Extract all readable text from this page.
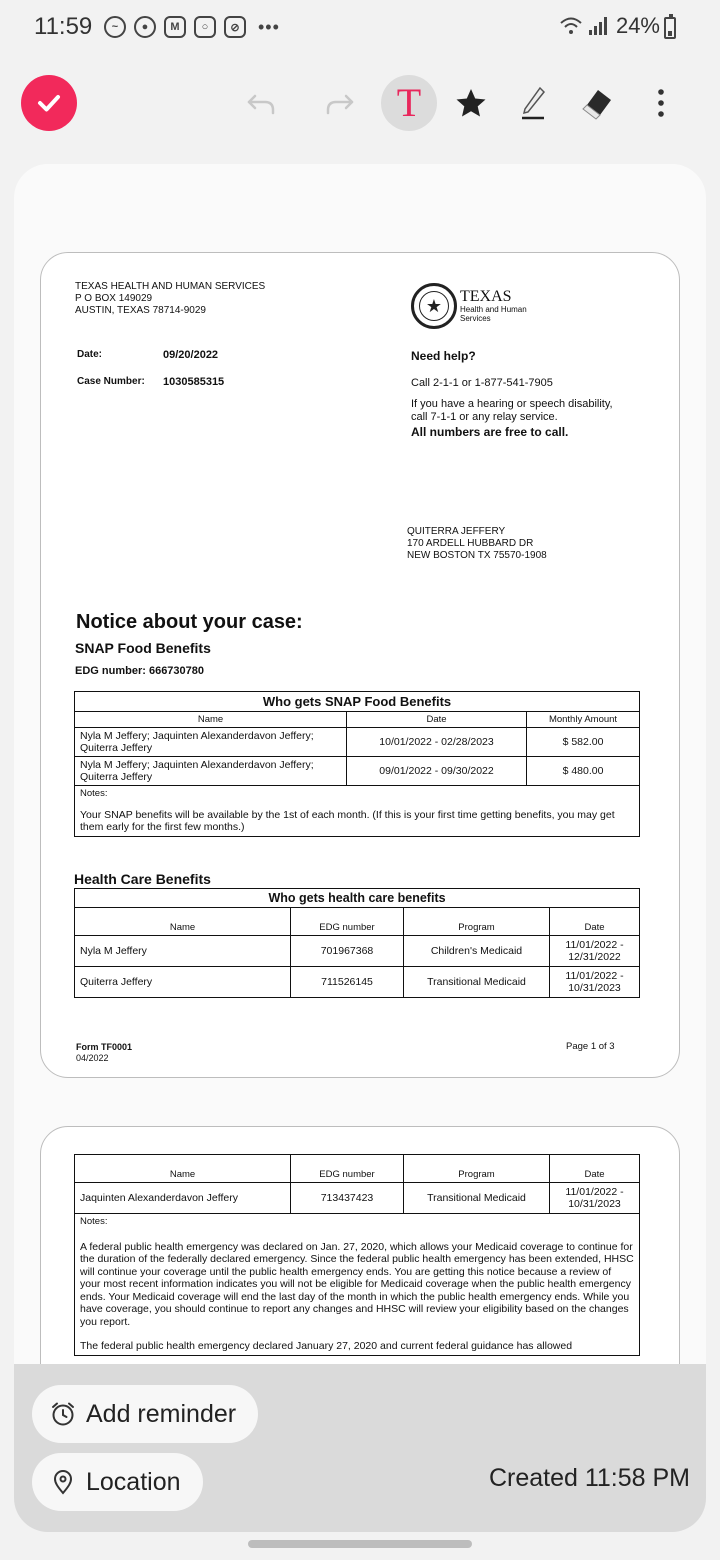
11:59	~	●	M	○	⊘	•••	24%
T
TEXAS HEALTH AND HUMAN SERVICES
P O BOX 149029
AUSTIN, TEXAS 78714-9029	★	TEXAS
Health and Human
Services
Date:	09/20/2022
Case Number: 1030585315
Need help?
Call 2-1-1 or 1-877-541-7905
If you have a hearing or speech disability,
call 7-1-1 or any relay service.
All numbers are free to call.
QUITERRA JEFFERY
170 ARDELL HUBBARD DR
NEW BOSTON TX 75570-1908
Notice about your case:
SNAP Food Benefits
EDG number: 666730780
Who gets SNAP Food Benefits		
Name	Date	Monthly Amount
Nyla M Jeffery; Jaquinten Alexanderdavon Jeffery; Quiterra Jeffery	10/01/2022 - 02/28/2023	$ 582.00
Nyla M Jeffery; Jaquinten Alexanderdavon Jeffery; Quiterra Jeffery	09/01/2022 - 09/30/2022	$ 480.00

Notes:
Your SNAP benefits will be available by the 1st of each month. (If this is your first time getting benefits, you may get them early for the first few months.)		
Health Care Benefits
Who gets health care benefits			
Name	EDG number	Program	Date
Nyla M Jeffery	701967368	Children's Medicaid	11/01/2022 - 12/31/2022
Quiterra Jeffery	711526145	Transitional Medicaid	11/01/2022 - 10/31/2023
Form TF0001
04/2022
Page 1 of 3
Name	EDG number	Program	Date
Jaquinten Alexanderdavon Jeffery	713437423	Transitional Medicaid	11/01/2022 - 10/31/2023

Notes:
A federal public health emergency was declared on Jan. 27, 2020, which allows your Medicaid coverage to continue for the duration of the federally declared emergency. Since the federal public health emergency has been extended, HHSC will continue your coverage until the public health emergency ends. You are getting this notice because a review of your most recent information indicates you will not be eligible for Medicaid coverage when the public health emergency ends. Your Medicaid coverage will end the last day of the month in which the public health emergency ends. While you have coverage, you should continue to report any changes and HHSC will review your eligibility based on the changes you report.
The federal public health emergency declared January 27, 2020 and current federal guidance has allowed			
Add reminder
Location	Created 11:58 PM
